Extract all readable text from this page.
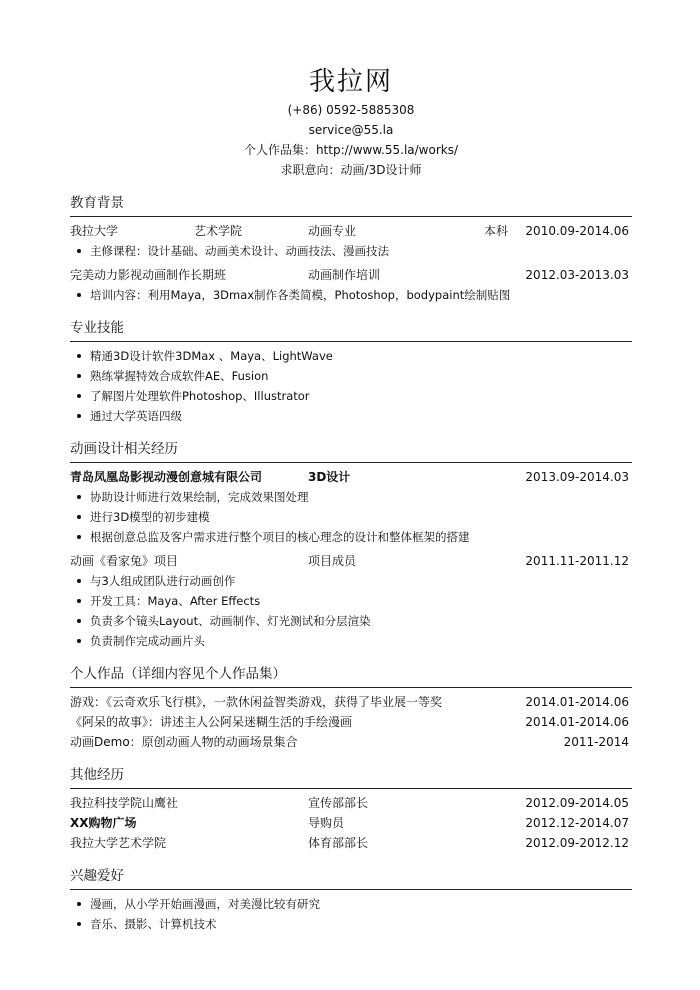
我拉网
(+86) 0592-5885308
service@55.la
个人作品集：http://www.55.la/works/
求职意向：动画/3D设计师
教育背景
我拉大学	艺术学院	动画专业	本科 2010.09-2014.06
主修课程：设计基础、动画美术设计、动画技法、漫画技法
完美动力影视动画制作长期班	动画制作培训	2012.03-2013.03
培训内容：利用Maya，3Dmax制作各类简模，Photoshop，bodypaint绘制贴图
专业技能
精通3D设计软件3DMax 、Maya、LightWave
熟练掌握特效合成软件AE、Fusion
了解图片处理软件Photoshop、Illustrator
通过大学英语四级
动画设计相关经历
青岛凤凰岛影视动漫创意城有限公司	3D设计	2013.09-2014.03
协助设计师进行效果绘制，完成效果图处理
进行3D模型的初步建模
根据创意总监及客户需求进行整个项目的核心理念的设计和整体框架的搭建
动画《看家兔》项目	项目成员	2011.11-2011.12
与3人组成团队进行动画创作
开发工具：Maya、After Effects
负责多个镜头Layout、动画制作、灯光测试和分层渲染
负责制作完成动画片头
个人作品（详细内容见个人作品集）
游戏：《云奇欢乐飞行棋》，一款休闲益智类游戏，获得了毕业展一等奖	2014.01-2014.06
《阿呆的故事》：讲述主人公阿呆迷糊生活的手绘漫画	2014.01-2014.06
动画Demo：原创动画人物的动画场景集合	2011-2014
其他经历
我拉科技学院山鹰社	宣传部部长	2012.09-2014.05
XX购物广场	导购员	2012.12-2014.07
我拉大学艺术学院	体育部部长	2012.09-2012.12
兴趣爱好
漫画，从小学开始画漫画，对美漫比较有研究
音乐、摄影、计算机技术
